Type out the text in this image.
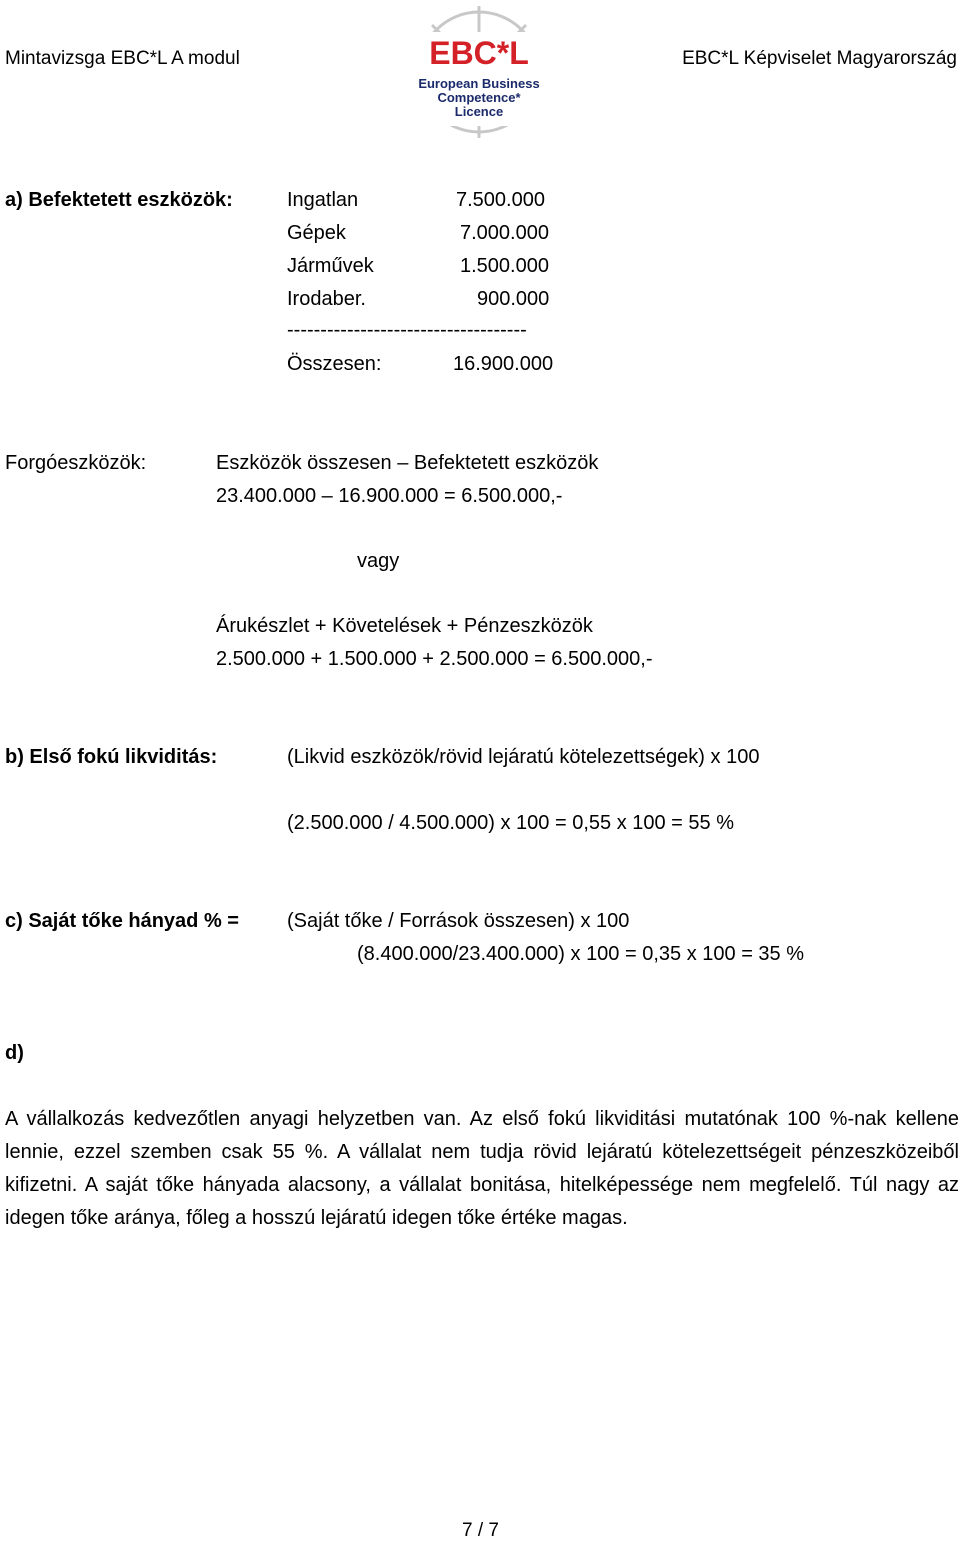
Mintavizsga EBC*L A modul	EBC*L Képviselet Magyarország
EBC*L
European Business
Competence*
Licence
a) Befektetett eszközök:	Ingatlan	7.500.000
Gépek	7.000.000
Járművek	1.500.000
Irodaber.	900.000
------------------------------------
Összesen:	16.900.000
Forgóeszközök:	Eszközök összesen – Befektetett eszközök
23.400.000 – 16.900.000 = 6.500.000,-
vagy
Árukészlet + Követelések + Pénzeszközök
2.500.000 + 1.500.000 + 2.500.000 = 6.500.000,-
b) Első fokú likviditás:	(Likvid eszközök/rövid lejáratú kötelezettségek) x 100
(2.500.000 / 4.500.000) x 100 = 0,55 x 100 = 55 %
c) Saját tőke hányad % = (Saját tőke / Források összesen) x 100
(8.400.000/23.400.000) x 100 = 0,35 x 100 = 35 %
d)
A vállalkozás kedvezőtlen anyagi helyzetben van. Az első fokú likviditási mutatónak 100 %-nak kellene lennie, ezzel szemben csak 55 %. A vállalat nem tudja rövid lejáratú kötelezettségeit pénzeszközeiből kifizetni. A saját tőke hányada alacsony, a vállalat bonitása, hitelképessége nem megfelelő. Túl nagy az idegen tőke aránya, főleg a hosszú lejáratú idegen tőke értéke magas.
7 / 7
